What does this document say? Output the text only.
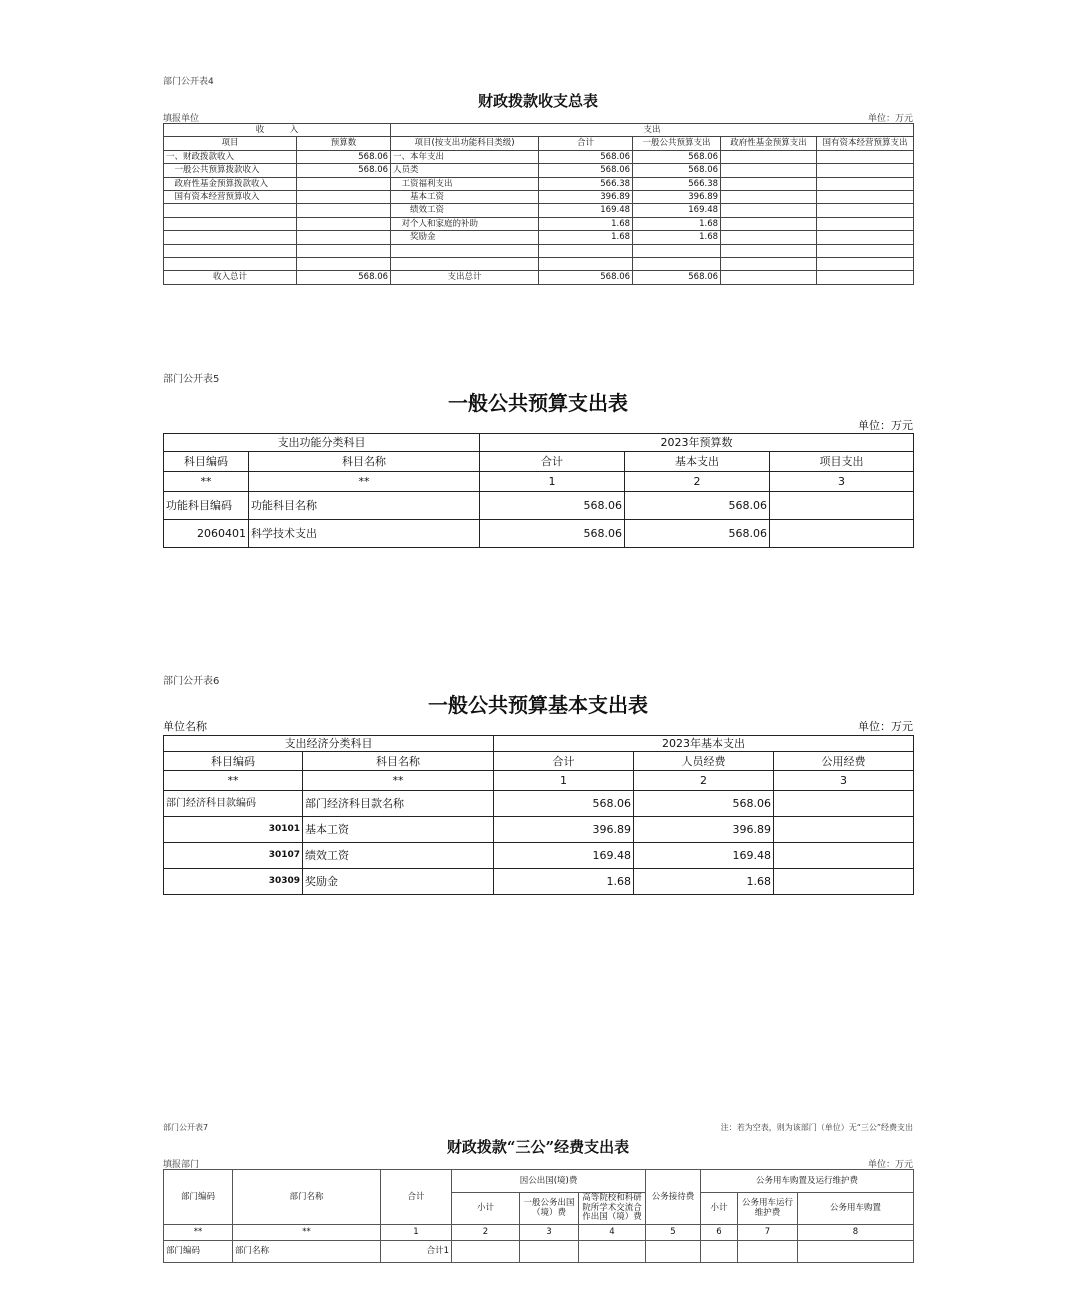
部门公开表4
财政拨款收支总表
填报单位	单位：万元
收　　　入		支出				
项目	预算数	项目(按支出功能科目类级)	合计	一般公共预算支出	政府性基金预算支出	国有资本经营预算支出
一、财政拨款收入	568.06	一、本年支出	568.06	568.06		
　一般公共预算拨款收入	568.06	人员类	568.06	568.06		
　政府性基金预算拨款收入		　工资福利支出	566.38	566.38		
　国有资本经营预算收入		　　基本工资	396.89	396.89		
		　　绩效工资	169.48	169.48		
		　对个人和家庭的补助	1.68	1.68		
		　　奖励金	1.68	1.68		

收入总计	568.06	支出总计	568.06	568.06		
部门公开表5
一般公共预算支出表
单位：万元
支出功能分类科目		2023年预算数		
科目编码	科目名称	合计	基本支出	项目支出
**	**	1	2	3
功能科目编码	功能科目名称	568.06	568.06	
2060401	科学技术支出	568.06	568.06	
部门公开表6
一般公共预算基本支出表
单位名称	单位：万元
支出经济分类科目		2023年基本支出		
科目编码	科目名称	合计	人员经费	公用经费
**	**	1	2	3
部门经济科目款编码	部门经济科目款名称	568.06	568.06	
30101	基本工资	396.89	396.89	
30107	绩效工资	169.48	169.48	
30309	奖励金	1.68	1.68	
部门公开表7	注：若为空表，则为该部门（单位）无“三公”经费支出
财政拨款“三公”经费支出表
填报部门	单位：万元
部门编码	部门名称	合计	因公出国(境)费			公务接待费	公务用车购置及运行维护费		
			小计	一般公务出国（境）费	高等院校和科研院所学术交流合作出国（境）费		小计	公务用车运行维护费	公务用车购置
**	**	1	2	3	4	5	6	7	8
部门编码	部门名称	合计1							
